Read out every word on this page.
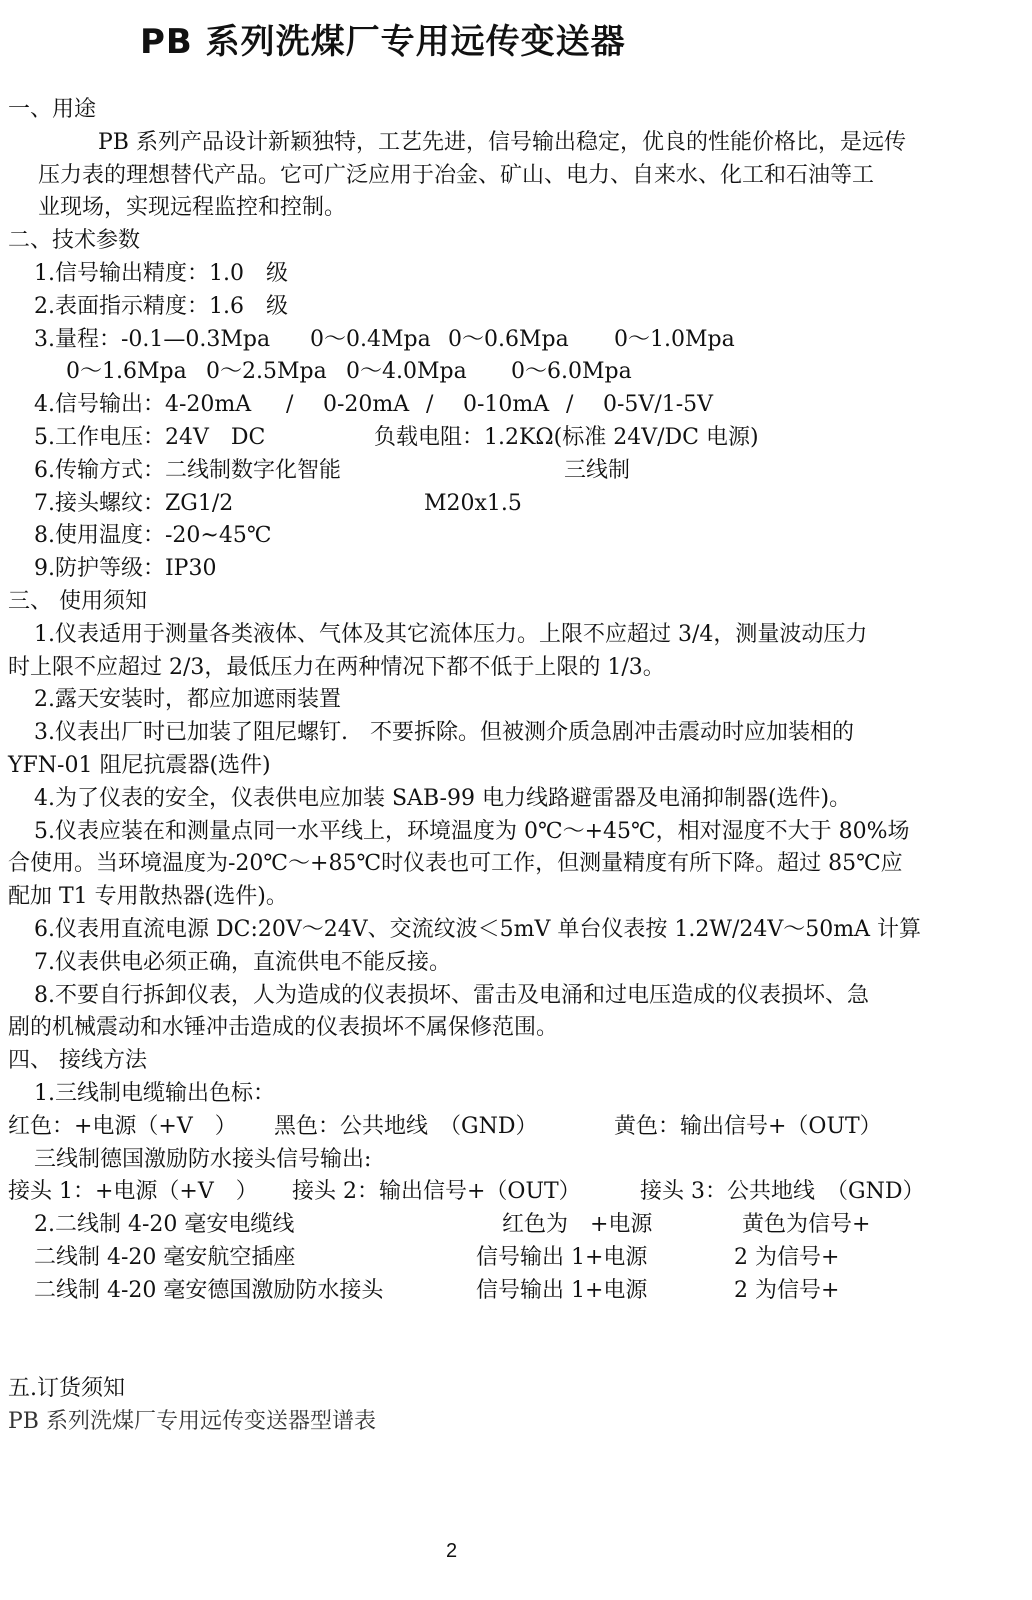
PB 系列洗煤厂专用远传变送器
一、用途
PB 系列产品设计新颖独特，工艺先进，信号输出稳定，优良的性能价格比，是远传
压力表的理想替代产品。它可广泛应用于冶金、矿山、电力、自来水、化工和石油等工
业现场，实现远程监控和控制。
二、技术参数
1.信号输出精度：1.0　级
2.表面指示精度：1.6　级
3.量程：-0.1—0.3Mpa 0～0.4Mpa 0～0.6Mpa 0～1.0Mpa
0～1.6Mpa 0～2.5Mpa 0～4.0Mpa 0～6.0Mpa
4.信号输出：4-20mA / 0-20mA / 0-10mA / 0-5V/1-5V
5.工作电压：24V　DC	负载电阻：1.2KΩ(标准 24V/DC 电源)
6.传输方式：二线制数字化智能	三线制
7.接头螺纹：ZG1/2	M20x1.5
8.使用温度：-20~45℃
9.防护等级：IP30
三、 使用须知
1.仪表适用于测量各类液体、气体及其它流体压力。上限不应超过 3/4，测量波动压力
时上限不应超过 2/3，最低压力在两种情况下都不低于上限的 1/3。
2.露天安装时，都应加遮雨装置
3.仪表出厂时已加装了阻尼螺钉.　不要拆除。但被测介质急剧冲击震动时应加装相的
YFN-01 阻尼抗震器(选件)
4.为了仪表的安全，仪表供电应加装 SAB-99 电力线路避雷器及电涌抑制器(选件)。
5.仪表应装在和测量点同一水平线上，环境温度为 0℃～+45℃，相对湿度不大于 80%场
合使用。当环境温度为-20℃～+85℃时仪表也可工作，但测量精度有所下降。超过 85℃应
配加 T1 专用散热器(选件)。
6.仪表用直流电源 DC:20V～24V、交流纹波＜5mV 单台仪表按 1.2W/24V～50mA 计算
7.仪表供电必须正确，直流供电不能反接。
8.不要自行拆卸仪表，人为造成的仪表损坏、雷击及电涌和过电压造成的仪表损坏、急
剧的机械震动和水锤冲击造成的仪表损坏不属保修范围。
四、 接线方法
1.三线制电缆输出色标：
红色：+电源（+V　） 黑色：公共地线　（GND）	黄色：输出信号+（OUT）
三线制德国激励防水接头信号输出:
接头 1：+电源（+V　） 接头 2：输出信号+（OUT）	接头 3：公共地线　（GND）
2.二线制 4-20 毫安电缆线	红色为　+电源	黄色为信号+
二线制 4-20 毫安航空插座	信号输出 1+电源	2 为信号+
二线制 4-20 毫安德国激励防水接头	信号输出 1+电源	2 为信号+
五.订货须知
PB 系列洗煤厂专用远传变送器型谱表
2
